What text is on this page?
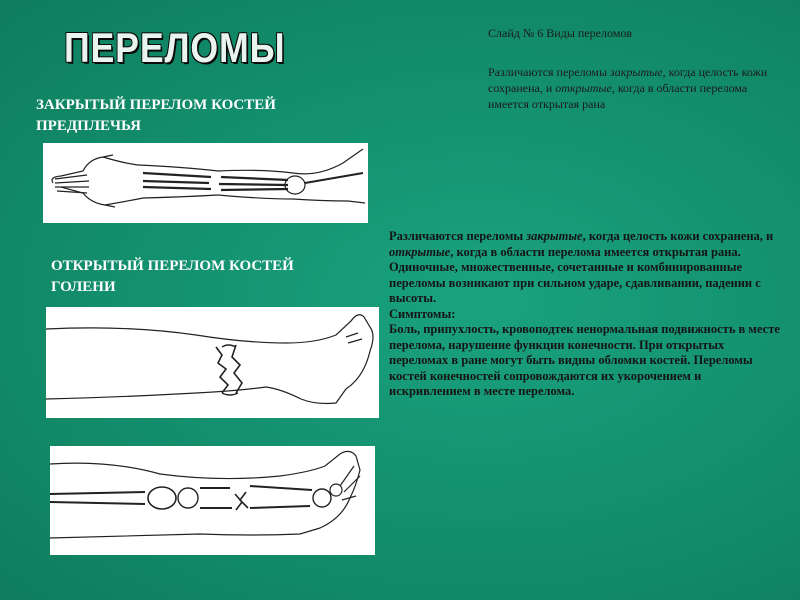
ПЕРЕЛОМЫ	Слайд № 6 Виды переломов
Различаются переломы закрытые, когда целость кожи сохранена, и открытые, когда в области перелома имеется открытая рана
ЗАКРЫТЫЙ ПЕРЕЛОМ КОСТЕЙ ПРЕДПЛЕЧЬЯ
ОТКРЫТЫЙ ПЕРЕЛОМ КОСТЕЙ ГОЛЕНИ

Различаются переломы закрытые, когда целость кожи сохранена, и открытые, когда в области перелома имеется открытая рана. Одиночные, множественные, сочетанные и комбинированные переломы возникают при сильном ударе, сдавливании, падении с высоты.

Симптомы:

Боль, припухлость, кровоподтек ненормальная подвижность в месте перелома, нарушение функции конечности. При открытых переломах в ране могут быть видны обломки костей. Переломы костей конечностей сопровождаются их укорочением и искривлением в месте перелома.
